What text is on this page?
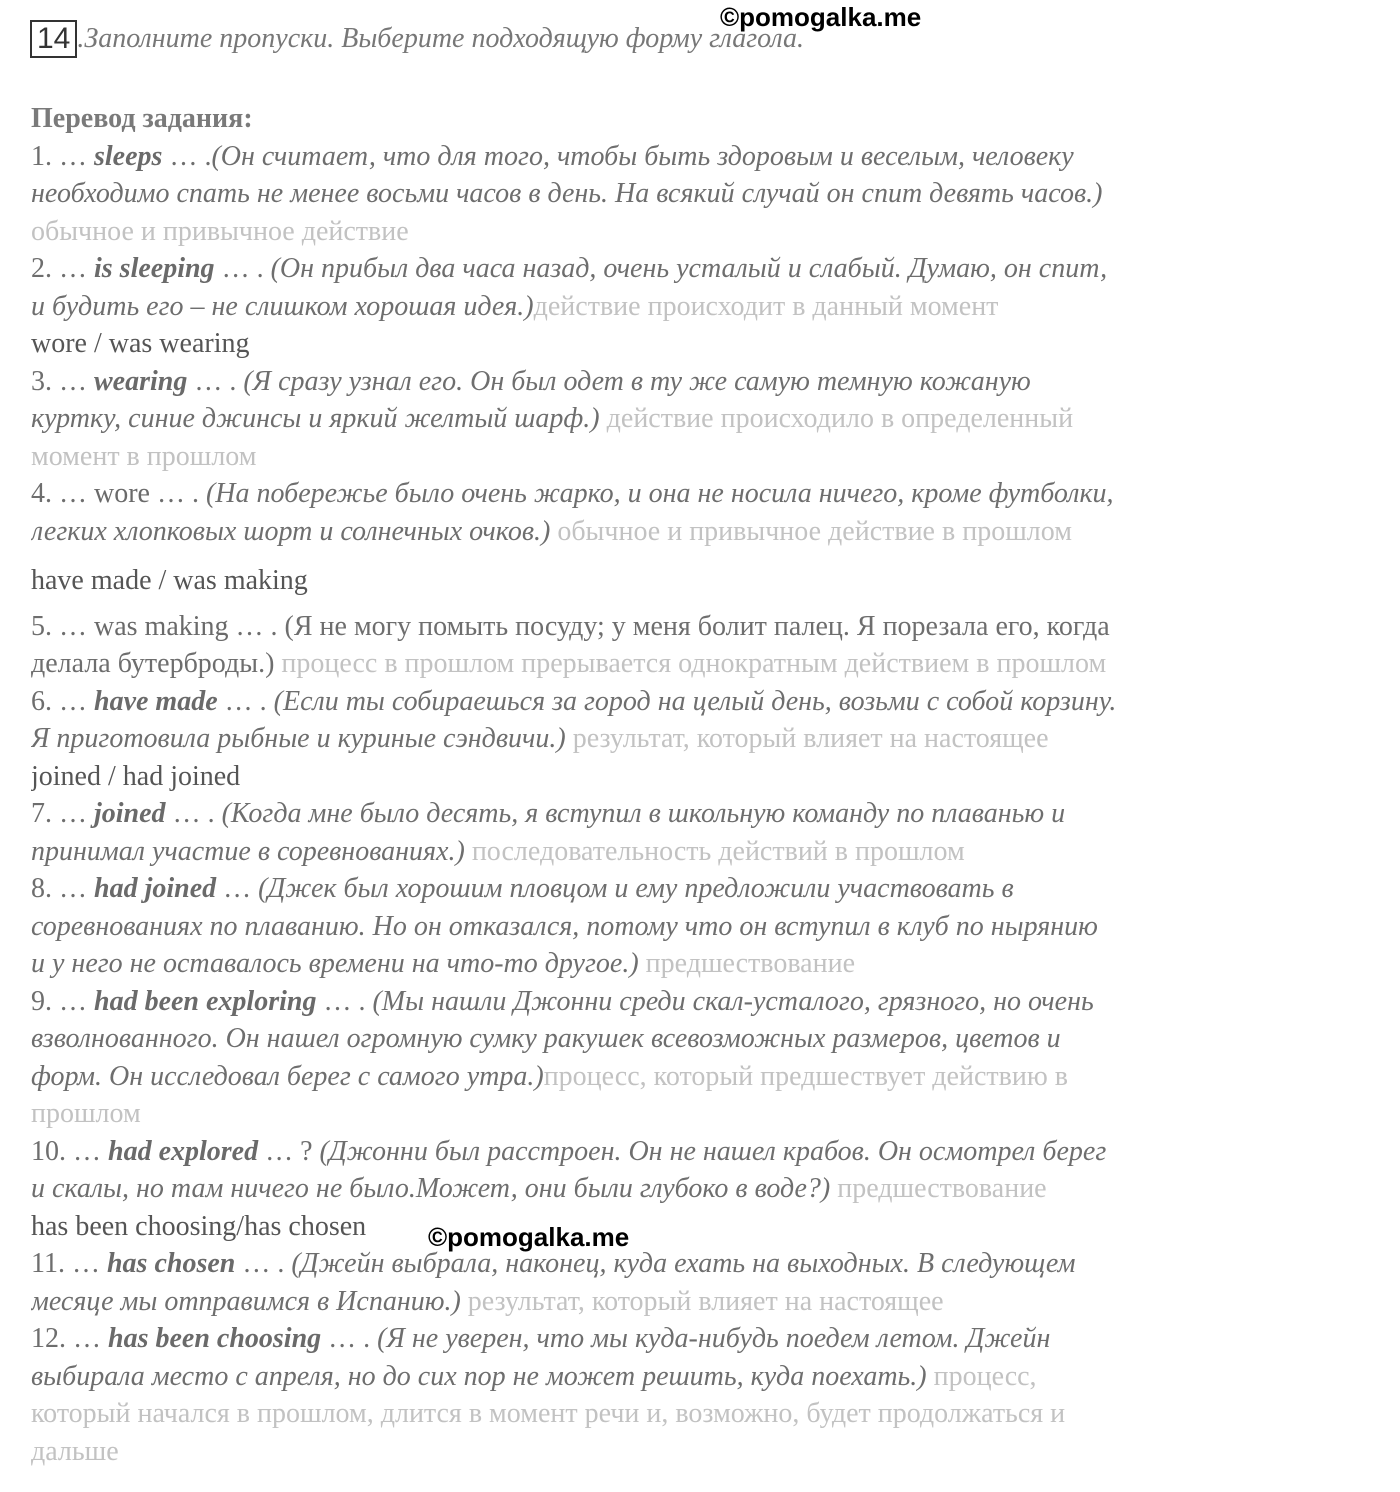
©pomogalka.me
14 .Заполните пропуски. Выберите подходящую форму глагола.
Перевод задания:
1. … sleeps … .(Он считает, что для того, чтобы быть здоровым и веселым, человеку
необходимо спать не менее восьми часов в день. На всякий случай он спит девять часов.)
обычное и привычное действие
2. … is sleeping … . (Он прибыл два часа назад, очень усталый и слабый. Думаю, он спит,
и будить его – не слишком хорошая идея.)действие происходит в данный момент
wore / was wearing
3. … wearing … . (Я сразу узнал его. Он был одет в ту же самую темную кожаную
куртку, синие джинсы и яркий желтый шарф.) действие происходило в определенный
момент в прошлом
4. … wore … . (На побережье было очень жарко, и она не носила ничего, кроме футболки,
легких хлопковых шорт и солнечных очков.) обычное и привычное действие в прошлом
have made / was making
5. … was making … . (Я не могу помыть посуду; у меня болит палец. Я порезала его, когда
делала бутерброды.) процесс в прошлом прерывается однократным действием в прошлом
6. … have made … . (Если ты собираешься за город на целый день, возьми с собой корзину.
Я приготовила рыбные и куриные сэндвичи.) результат, который влияет на настоящее
joined / had joined
7. … joined … . (Когда мне было десять, я вступил в школьную команду по плаванью и
принимал участие в соревнованиях.) последовательность действий в прошлом
8. … had joined … (Джек был хорошим пловцом и ему предложили участвовать в
соревнованиях по плаванию. Но он отказался, потому что он вступил в клуб по нырянию
и у него не оставалось времени на что-то другое.) предшествование
9. … had been exploring … . (Мы нашли Джонни среди скал-усталого, грязного, но очень
взволнованного. Он нашел огромную сумку ракушек всевозможных размеров, цветов и
форм. Он исследовал берег с самого утра.)процесс, который предшествует действию в
прошлом
10. … had explored … ? (Джонни был расстроен. Он не нашел крабов. Он осмотрел берег
и скалы, но там ничего не было.Может, они были глубоко в воде?) предшествование
has been choosing/has chosen
11. … has chosen … . (Джейн выбрала, наконец, куда ехать на выходных. В следующем
месяце мы отправимся в Испанию.) результат, который влияет на настоящее
12. … has been choosing … . (Я не уверен, что мы куда-нибудь поедем летом. Джейн
выбирала место с апреля, но до сих пор не может решить, куда поехать.) процесс,
который начался в прошлом, длится в момент речи и, возможно, будет продолжаться и
дальше
©pomogalka.me
